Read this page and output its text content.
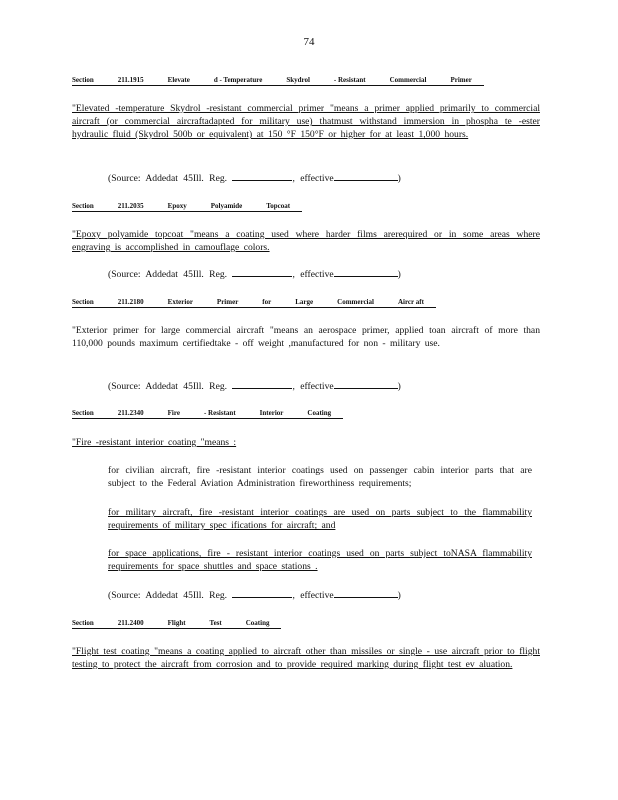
74
Section	211.1915	Elevate	d - Temperature	Skydrol	- Resistant	Commercial	Primer
"Elevated -temperature Skydrol -resistant commercial primer "means a primer applied primarily to commercial aircraft (or commercial aircraftadapted for military use) thatmust withstand immersion in phospha te -ester hydraulic fluid (Skydrol 500b or equivalent) at 150 °F 150°F or higher for at least 1,000 hours.
(Source: Addedat 45Ill. Reg.	, effective	)
Section	211.2035	Epoxy	Polyamide	Topcoat
"Epoxy polyamide topcoat "means a coating used where harder films arerequired or in some areas where engraving is accomplished in camouflage colors.
(Source: Addedat 45Ill. Reg.	, effective	)
Section	211.2180	Exterior	Primer	for	Large	Commercial	Aircr aft
"Exterior primer for large commercial aircraft "means an aerospace primer, applied toan aircraft of more than 110,000 pounds maximum certifiedtake - off weight ,manufactured for non - military use.
(Source: Addedat 45Ill. Reg.	, effective	)
Section	211.2340	Fire	- Resistant	Interior	Coating
"Fire -resistant interior coating "means :
for civilian aircraft, fire -resistant interior coatings used on passenger cabin interior parts that are subject to the Federal Aviation Administration fireworthiness requirements;
for military aircraft, fire -resistant interior coatings are used on parts subject to the flammability requirements of military spec ifications for aircraft; and
for space applications, fire - resistant interior coatings used on parts subject toNASA flammability requirements for space shuttles and space stations .
(Source: Addedat 45Ill. Reg.	, effective	)
Section	211.2400	Flight	Test	Coating
"Flight test coating "means a coating applied to aircraft other than missiles or single - use aircraft prior to flight testing to protect the aircraft from corrosion and to provide required marking during flight test ev aluation.
